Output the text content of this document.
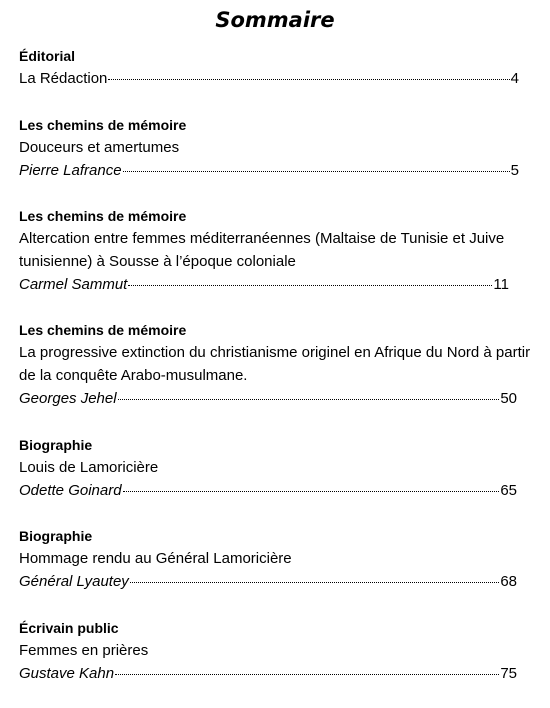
Sommaire
Éditorial
La Rédaction	4
Les chemins de mémoire
Douceurs et amertumes
Pierre Lafrance	5
Les chemins de mémoire
Altercation entre femmes méditerranéennes (Maltaise de Tunisie et Juive tunisienne) à Sousse à l’époque coloniale
Carmel Sammut	11
Les chemins de mémoire
La progressive extinction du christianisme originel en Afrique du Nord à partir de la conquête Arabo-musulmane.
Georges Jehel	50
Biographie
Louis de Lamoricière
Odette Goinard	65
Biographie
Hommage rendu au Général Lamoricière
Général Lyautey	68
Écrivain public
Femmes en prières
Gustave Kahn	75
